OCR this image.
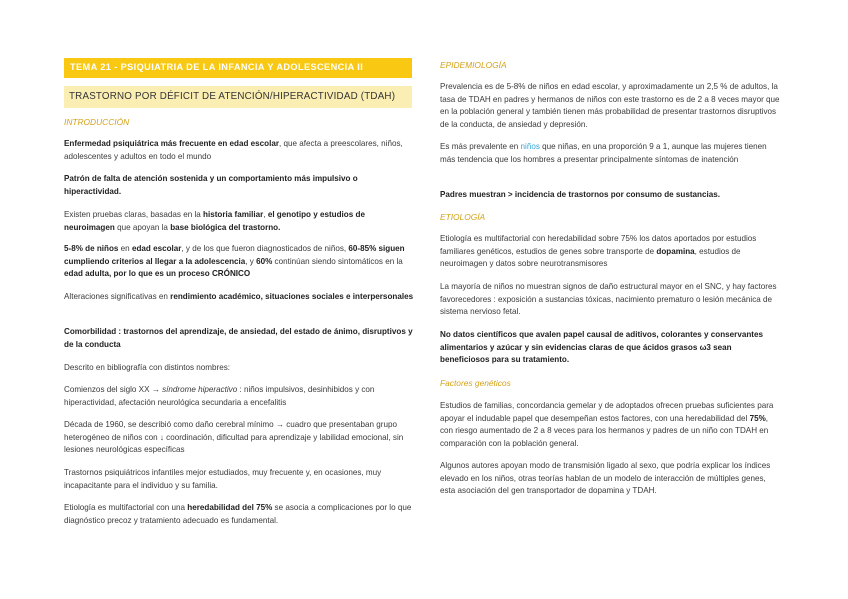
TEMA 21 - PSIQUIATRIA DE LA INFANCIA Y ADOLESCENCIA II
TRASTORNO POR DÉFICIT DE ATENCIÓN/HIPERACTIVIDAD (TDAH)

INTRODUCCIÓN

Enfermedad psiquiátrica más frecuente en edad escolar, que afecta a preescolares, niños, adolescentes y adultos en todo el mundo

Patrón de falta de atención sostenida y un comportamiento más impulsivo o hiperactividad.

Existen pruebas claras, basadas en la historia familiar, el genotipo y estudios de neuroimagen que apoyan la base biológica del trastorno.

5-8% de niños en edad escolar, y de los que fueron diagnosticados de niños, 60-85% siguen cumpliendo criterios al llegar a la adolescencia, y 60% continúan siendo sintomáticos en la edad adulta, por lo que es un proceso CRÓNICO

Alteraciones significativas en rendimiento académico, situaciones sociales e interpersonales

Comorbilidad : trastornos del aprendizaje, de ansiedad, del estado de ánimo, disruptivos y de la conducta

Descrito en bibliografía con distintos nombres:

Comienzos del siglo XX → síndrome hiperactivo : niños impulsivos, desinhibidos y con hiperactividad, afectación neurológica secundaria a encefalitis

Década de 1960, se describió como daño cerebral mínimo → cuadro que presentaban grupo heterogéneo de niños con ↓ coordinación, dificultad para aprendizaje y labilidad emocional, sin lesiones neurológicas específicas

Trastornos psiquiátricos infantiles mejor estudiados, muy frecuente y, en ocasiones, muy incapacitante para el individuo y su familia.

Etiología es multifactorial con una heredabilidad del 75% se asocia a complicaciones por lo que diagnóstico precoz y tratamiento adecuado es fundamental.

EPIDEMIOLOGÍA

Prevalencia es de 5-8% de niños en edad escolar, y aproximadamente un 2,5 % de adultos, la tasa de TDAH en padres y hermanos de niños con este trastorno es de 2 a 8 veces mayor que en la población general y también tienen más probabilidad de presentar trastornos disruptivos de la conducta, de ansiedad y depresión.

Es más prevalente en niños que niñas, en una proporción 9 a 1, aunque las mujeres tienen más tendencia que los hombres a presentar principalmente síntomas de inatención

Padres muestran > incidencia de trastornos por consumo de sustancias.

ETIOLOGÍA

Etiología es multifactorial con heredabilidad sobre 75% los datos aportados por estudios familiares genéticos, estudios de genes sobre transporte de dopamina, estudios de neuroimagen y datos sobre neurotransmisores

La mayoría de niños no muestran signos de daño estructural mayor en el SNC, y hay factores favorecedores : exposición a sustancias tóxicas, nacimiento prematuro o lesión mecánica de sistema nervioso fetal.

No datos científicos que avalen papel causal de aditivos, colorantes y conservantes alimentarios y azúcar y sin evidencias claras de que ácidos grasos ω3 sean beneficiosos para su tratamiento.

Factores genéticos

Estudios de familias, concordancia gemelar y de adoptados ofrecen pruebas suficientes para apoyar el indudable papel que desempeñan estos factores, con una heredabilidad del 75%, con riesgo aumentado de 2 a 8 veces para los hermanos y padres de un niño con TDAH en comparación con la población general.

Algunos autores apoyan modo de transmisión ligado al sexo, que podría explicar los índices elevado en los niños, otras teorías hablan de un modelo de interacción de múltiples genes, esta asociación del gen transportador de dopamina y TDAH.
